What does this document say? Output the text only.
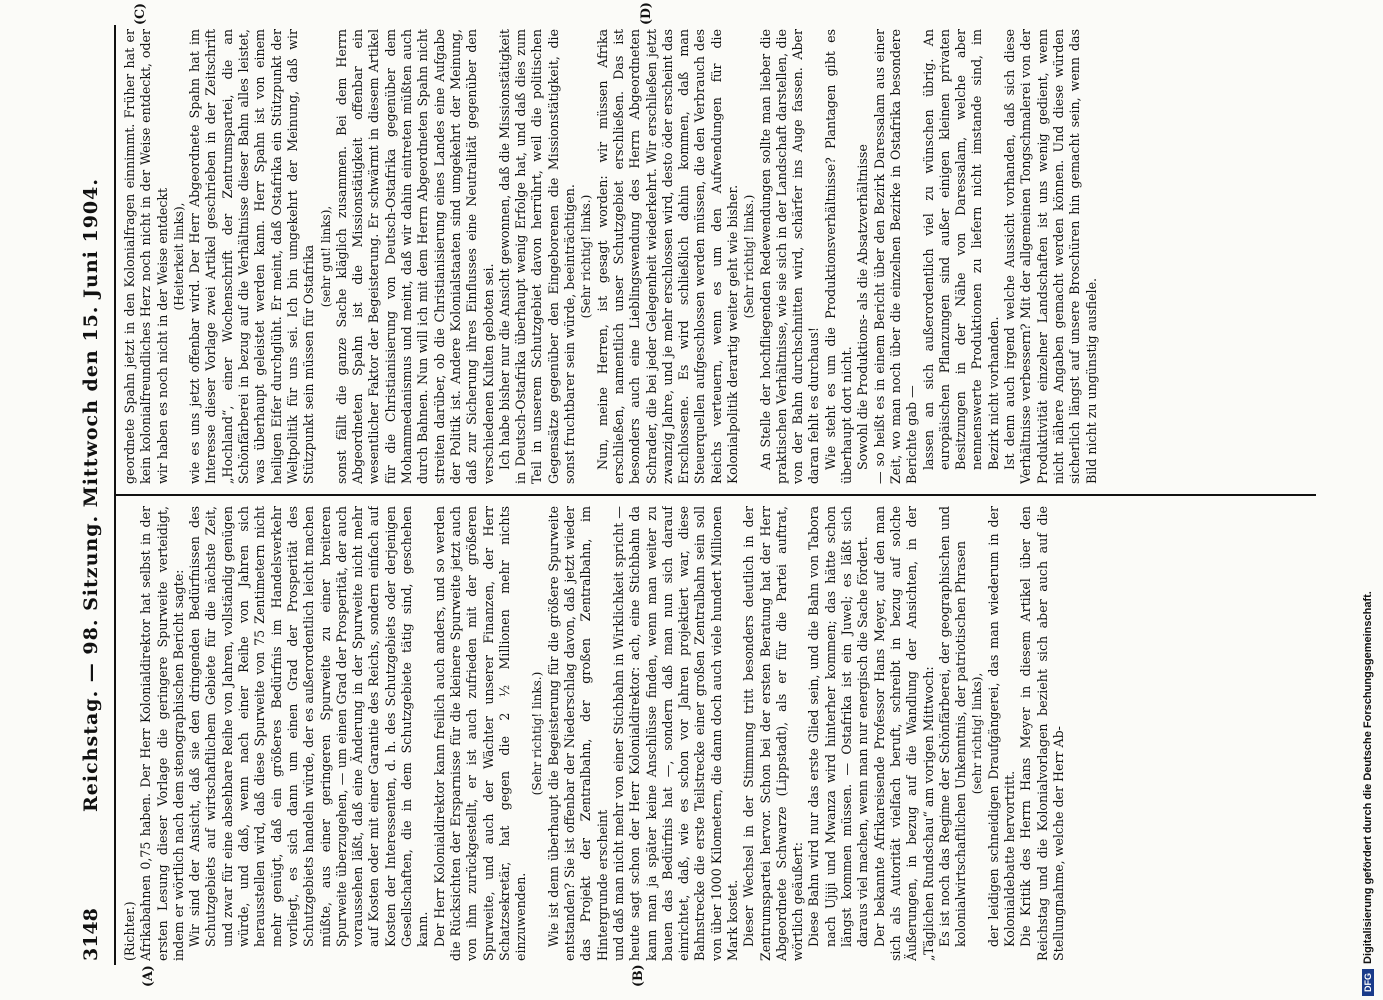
3148
Reichstag. — 98. Sitzung. Mittwoch den 15. Juni 1904.
(A)	(B)
(C)	(D)

(Richter.) Afrikabahnen 0,75 haben. Der Herr Kolonialdirektor hat selbst in der ersten Lesung dieser Vorlage die geringere Spurweite verteidigt, indem er wörtlich nach dem stenographischen Bericht sagte: Wir sind der Ansicht, daß sie den dringenden Bedürfnissen des Schutzgebiets auf wirtschaftlichem Gebiete für die nächste Zeit, und zwar für eine absehbare Reihe von Jahren, vollständig genügen würde, und daß, wenn nach einer Reihe von Jahren sich herausstellen wird, daß diese Spurweite von 75 Zentimetern nicht mehr genügt, daß ein größeres Bedürfnis im Handelsverkehr vorliegt, es sich dann um einen Grad der Prosperität des Schutzgebiets handeln würde, der es außerordentlich leicht machen müßte, aus einer geringeren Spurweite zu einer breiteren Spurweite überzugehen, — um einen Grad der Prosperität, der auch voraussehen läßt, daß eine Änderung in der Spurweite nicht mehr auf Kosten oder mit einer Garantie des Reichs, sondern einfach auf Kosten der Interessenten, d. h. des Schutzgebiets oder derjenigen Gesellschaften, die in dem Schutzgebiete tätig sind, geschehen kann. Der Herr Kolonialdirektor kann freilich auch anders, und so werden die Rücksichten der Ersparnisse für die kleinere Spurweite jetzt auch von ihm zurückgestellt, er ist auch zufrieden mit der größeren Spurweite, und auch der Wächter unserer Finanzen, der Herr Schatzsekretär, hat gegen die 2 ½ Millionen mehr nichts einzuwenden.

(Sehr richtig! links.) Wie ist denn überhaupt die Begeisterung für die größere Spurweite entstanden? Sie ist offenbar der Niederschlag davon, daß jetzt wieder das Projekt der Zentralbahn, der großen Zentralbahn, im Hintergrunde erscheint und daß man nicht mehr von einer Stichbahn in Wirklichkeit spricht — heute sagt schon der Herr Kolonialdirektor: ach, eine Stichbahn da kann man ja später keine Anschlüsse finden, wenn man weiter zu bauen das Bedürfnis hat —, sondern daß man nun sich darauf einrichtet, daß, wie es schon vor Jahren projektiert war, diese Bahnstrecke die erste Teilstrecke einer großen Zentralbahn sein soll von über 1000 Kilometern, die dann doch auch viele hundert Millionen Mark kostet. Dieser Wechsel in der Stimmung tritt besonders deutlich in der Zentrumspartei hervor. Schon bei der ersten Beratung hat der Herr Abgeordnete Schwarze (Lippstadt), als er für die Partei auftrat, wörtlich geäußert: Diese Bahn wird nur das erste Glied sein, und die Bahn von Tabora nach Ujiji und Mwanza wird hinterher kommen; das hätte schon längst kommen müssen. — Ostafrika ist ein Juwel; es läßt sich daraus viel machen, wenn man nur energisch die Sache fördert. Der bekannte Afrikareisende Professor Hans Meyer, auf den man sich als Autorität vielfach beruft, schreibt in bezug auf solche Äußerungen, in bezug auf die Wandlung der Ansichten, in der „Täglichen Rundschau“ am vorigen Mittwoch: Es ist noch das Regime der Schönfärberei, der geographischen und kolonialwirtschaftlichen Unkenntnis, der patriotischen Phrasen (sehr richtig! links), der leidigen schneidigen Draufgängerei, das man wiederum in der Kolonialdebatte hervortritt. Die Kritik des Herrn Hans Meyer in diesem Artikel über den Reichstag und die Kolonialvorlagen bezieht sich aber auch auf die Stellungnahme, welche der Herr Ab-

geordnete Spahn jetzt in den Kolonialfragen einnimmt. Früher hat er kein kolonialfreundliches Herz noch nicht in der Weise entdeckt, oder wir haben es noch nicht in der Weise entdeckt (Heiterkeit links), wie es uns jetzt offenbar wird. Der Herr Abgeordnete Spahn hat im Interesse dieser Vorlage zwei Artikel geschrieben in der Zeitschrift „Hochland“, einer Wochenschrift der Zentrumspartei, die an Schönfärberei in bezug auf die Verhältnisse dieser Bahn alles leistet, was überhaupt geleistet werden kann. Herr Spahn ist von einem heiligen Eifer durchglüht. Er meint, daß Ostafrika ein Stützpunkt der Weltpolitik für uns sei. Ich bin umgekehrt der Meinung, daß wir Stützpunkt sein müssen für Ostafrika (sehr gut! links), sonst fällt die ganze Sache kläglich zusammen. Bei dem Herrn Abgeordneten Spahn ist die Missionstätigkeit offenbar ein wesentlicher Faktor der Begeisterung. Er schwärmt in diesem Artikel für die Christianisierung von Deutsch-Ostafrika gegenüber dem Mohammedanismus und meint, daß wir dahin eintreten müßten auch durch Bahnen. Nun will ich mit dem Herrn Abgeordneten Spahn nicht streiten darüber, ob die Christianisierung eines Landes eine Aufgabe der Politik ist. Andere Kolonialstaaten sind umgekehrt der Meinung, daß zur Sicherung ihres Einflusses eine Neutralität gegenüber den verschiedenen Kulten geboten sei. Ich habe bisher nur die Ansicht gewonnen, daß die Missionstätigkeit in Deutsch-Ostafrika überhaupt wenig Erfolge hat, und daß dies zum Teil in unserem Schutzgebiet davon herrührt, weil die politischen Gegensätze gegenüber den Eingeborenen die Missionstätigkeit, die sonst fruchtbarer sein würde, beeinträchtigen. (Sehr richtig! links.) Nun, meine Herren, ist gesagt worden: wir müssen Afrika erschließen, namentlich unser Schutzgebiet erschließen. Das ist besonders auch eine Lieblingswendung des Herrn Abgeordneten Schrader, die bei jeder Gelegenheit wiederkehrt. Wir erschließen jetzt zwanzig Jahre, und je mehr erschlossen wird, desto öder erscheint das Erschlossene. Es wird schließlich dahin kommen, daß man Steuerquellen aufgeschlossen werden müssen, die den Verbrauch des Reichs verteuern, wenn es um den Aufwendungen für die Kolonialpolitik derartig weiter geht wie bisher. (Sehr richtig! links.) An Stelle der hochfliegenden Redewendungen sollte man lieber die praktischen Verhältnisse, wie sie sich in der Landschaft darstellen, die von der Bahn durchschnitten wird, schärfer ins Auge fassen. Aber daran fehlt es durchaus! Wie steht es um die Produktionsverhältnisse? Plantagen gibt es überhaupt dort nicht. Sowohl die Produktions- als die Absatzverhältnisse — so heißt es in einem Bericht über den Bezirk Daressalam aus einer Zeit, wo man noch über die einzelnen Bezirke in Ostafrika besondere Berichte gab — lassen an sich außerordentlich viel zu wünschen übrig. An europäischen Pflanzungen sind außer einigen kleinen privaten Besitzungen in der Nähe von Daressalam, welche aber nennenswerte Produktionen zu liefern nicht imstande sind, im Bezirk nicht vorhanden. Ist denn auch irgend welche Aussicht vorhanden, daß sich diese Verhältnisse verbessern? Mit der allgemeinen Tongschmalerei von der Produktivität einzelner Landschaften ist uns wenig gedient, wenn nicht nähere Angaben gemacht werden können. Und diese würden sicherlich längst auf unsere Broschüren hin gemacht sein, wenn das Bild nicht zu ungünstig ausfiele.

DFGDigitalisierung gefördert durch die Deutsche Forschungsgemeinschaft.
